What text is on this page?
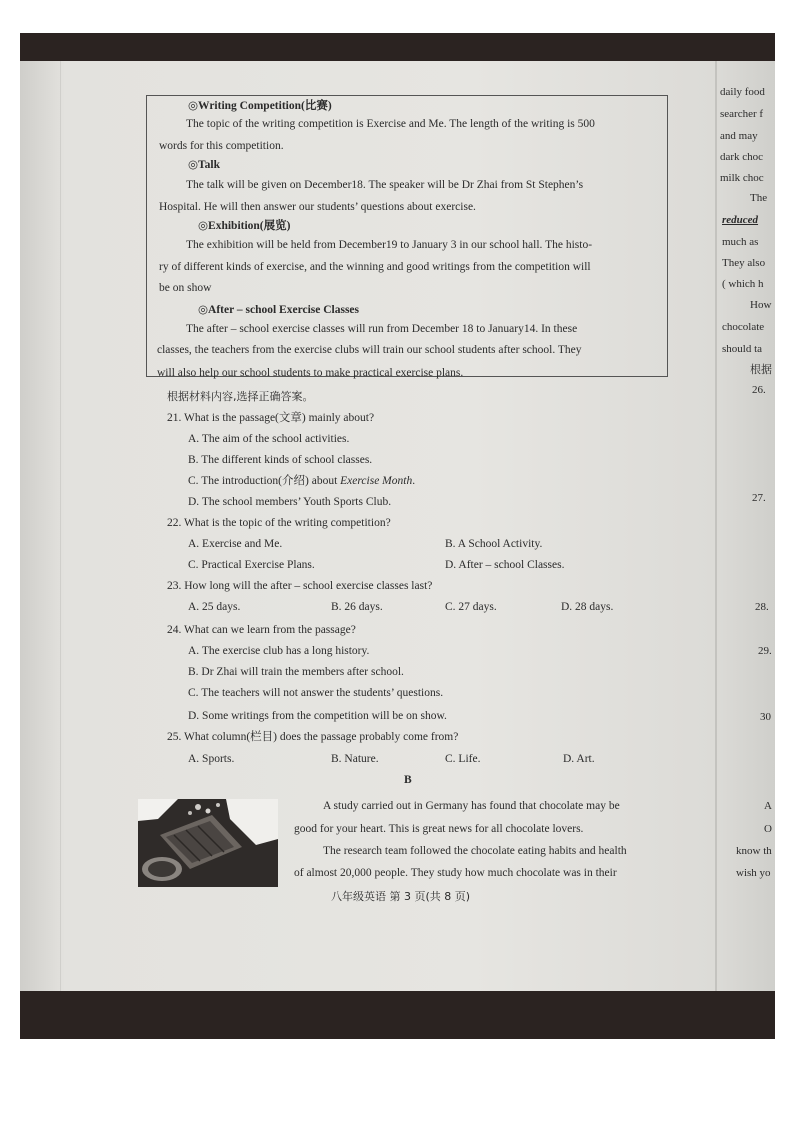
◎Writing Competition(比赛)
The topic of the writing competition is Exercise and Me. The length of the writing is 500
words for this competition.
◎Talk
The talk will be given on December18. The speaker will be Dr Zhai from St Stephen’s
Hospital. He will then answer our students’ questions about exercise.
◎Exhibition(展览)
The exhibition will be held from December19 to January 3 in our school hall. The histo-
ry of different kinds of exercise, and the winning and good writings from the competition will
be on show
◎After – school Exercise Classes
The after – school exercise classes will run from December 18 to January14. In these
classes, the teachers from the exercise clubs will train our school students after school. They
will also help our school students to make practical exercise plans.
根据材料内容,选择正确答案。
21. What is the passage(文章) mainly about?
A. The aim of the school activities.
B. The different kinds of school classes.
C. The introduction(介绍) about Exercise Month.
D. The school members’ Youth Sports Club.
22. What is the topic of the writing competition?
A. Exercise and Me.	B. A School Activity.
C. Practical Exercise Plans.	D. After – school Classes.
23. How long will the after – school exercise classes last?
A. 25 days.	B. 26 days.	C. 27 days.	D. 28 days.
24. What can we learn from the passage?
A. The exercise club has a long history.
B. Dr Zhai will train the members after school.
C. The teachers will not answer the students’ questions.
D. Some writings from the competition will be on show.
25. What column(栏目) does the passage probably come from?
A. Sports.	B. Nature.	C. Life.	D. Art.
B
A study carried out in Germany has found that chocolate may be
good for your heart. This is great news for all chocolate lovers.
The research team followed the chocolate eating habits and health
of almost 20,000 people. They study how much chocolate was in their
八年级英语 第 3 页(共 8 页)
daily food
searcher f
and may
dark choc
milk choc
The
reduced
much as
They also
( which h
How
chocolate
should ta
根据
26.
27.
28.
29.
30
A
O
know th
wish yo
